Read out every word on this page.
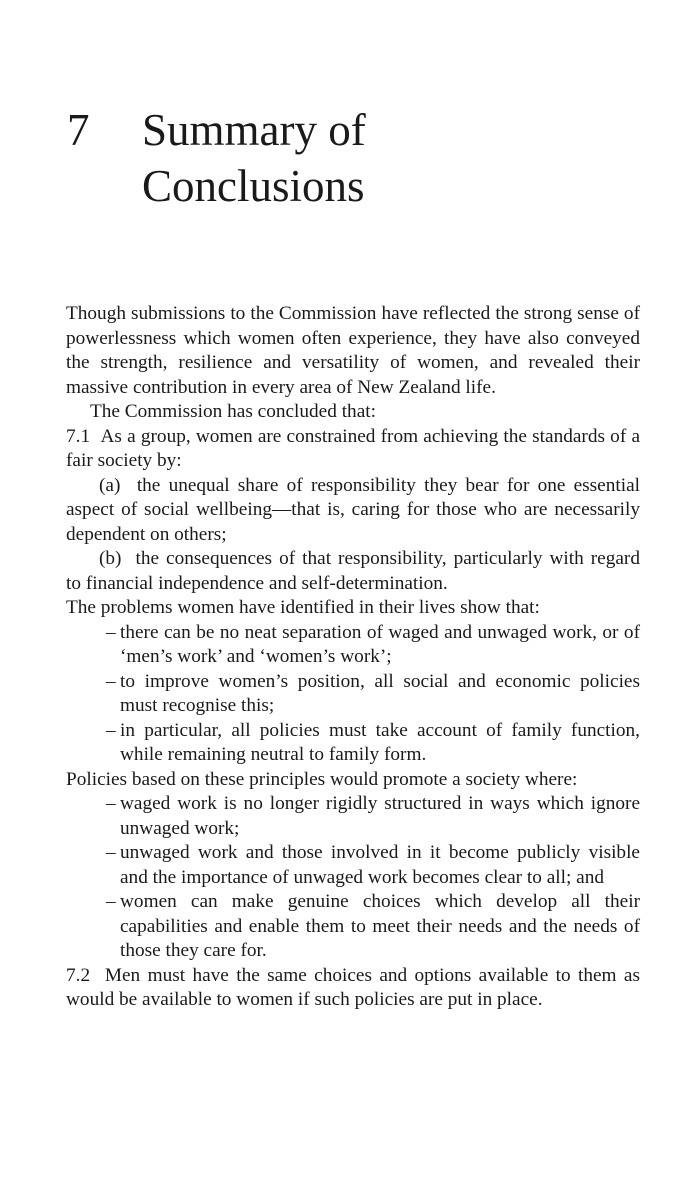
7 Summary of
Conclusions

Though submissions to the Commission have reflected the strong sense of powerlessness which women often experience, they have also conveyed the strength, resilience and versatility of women, and revealed their massive contribution in every area of New Zealand life.

The Commission has concluded that:

7.1 As a group, women are constrained from achieving the standards of a fair society by:

(a) the unequal share of responsibility they bear for one essential aspect of social wellbeing—that is, caring for those who are necessarily dependent on others;

(b) the consequences of that responsibility, particularly with regard to financial independence and self-determination.

The problems women have identified in their lives show that:

– there can be no neat separation of waged and unwaged work, or of ‘men’s work’ and ‘women’s work’;
– to improve women’s position, all social and economic policies must recognise this;
– in particular, all policies must take account of family function, while remaining neutral to family form.

Policies based on these principles would promote a society where:

– waged work is no longer rigidly structured in ways which ignore unwaged work;
– unwaged work and those involved in it become publicly visible and the importance of unwaged work becomes clear to all; and
– women can make genuine choices which develop all their capabilities and enable them to meet their needs and the needs of those they care for.

7.2 Men must have the same choices and options available to them as would be available to women if such policies are put in place.
